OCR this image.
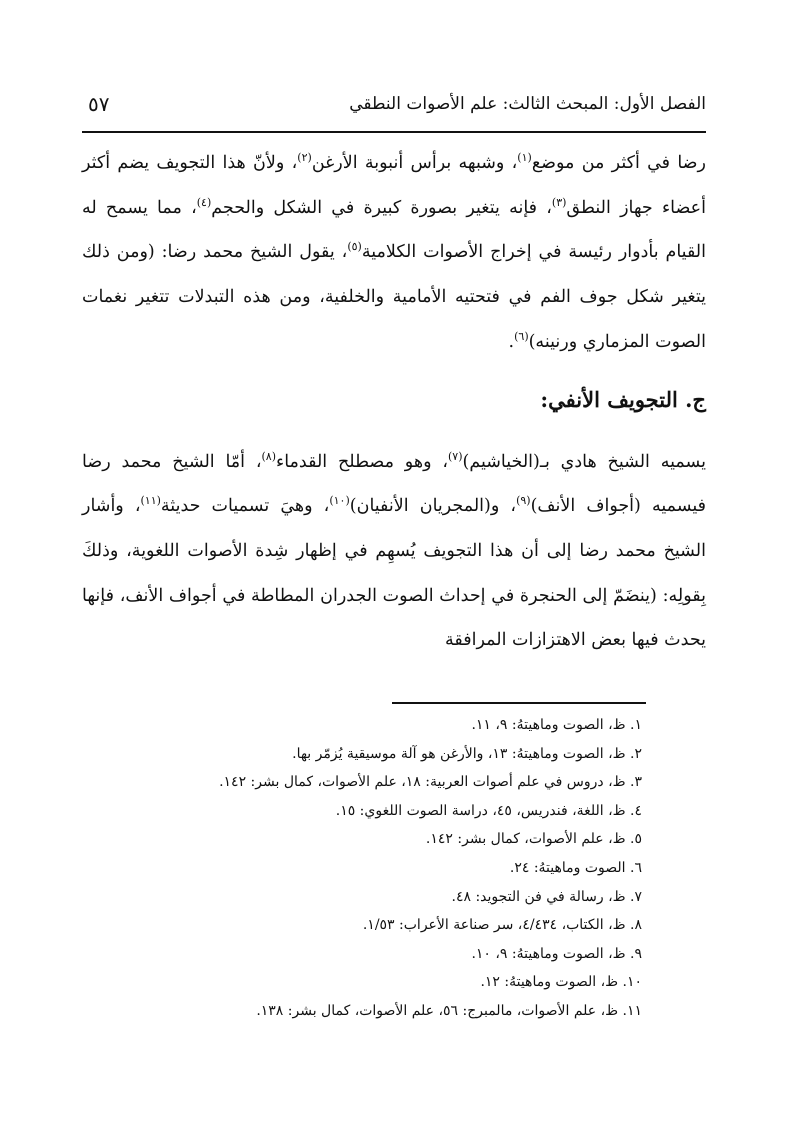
الفصل الأول: المبحث الثالث: علم الأصوات النطقي
٥٧

رضا في أكثر من موضع$^{(١)}$، وشبهه برأس أنبوبة الأرغن$^{(٢)}$، ولأنّ هذا التجويف يضم أكثر أعضاء جهاز النطق$^{(٣)}$، فإنه يتغير بصورة كبيرة في الشكل والحجم$^{(٤)}$، مما يسمح له القيام بأدوار رئيسة في إخراج الأصوات الكلامية$^{(٥)}$، يقول الشيخ محمد رضا: (ومن ذلك يتغير شكل جوف الفم في فتحتيه الأمامية والخلفية، ومن هذه التبدلات تتغير نغمات الصوت المزماري ورنينه)$^{(٦)}$.

ج. التجويف الأنفي:

يسميه الشيخ هادي بـ(الخياشيم)$^{(٧)}$، وهو مصطلح القدماء$^{(٨)}$، أمّا الشيخ محمد رضا فيسميه (أجواف الأنف)$^{(٩)}$، و(المجريان الأنفيان)$^{(١٠)}$، وهيَ تسميات حديثة$^{(١١)}$، وأشار الشيخ محمد رضا إلى أن هذا التجويف يُسهِم في إظهار شِدة الأصوات اللغوية، وذلكَ بِقولِه: (ينضَمّ إلى الحنجرة في إحداث الصوت الجدران المطاطة في أجواف الأنف، فإنها يحدث فيها بعض الاهتزازات المرافقة

١. ظ، الصوت وماهيتهُ: ٩، ١١.
٢. ظ، الصوت وماهيتهُ: ١٣، والأرغن هو آلة موسيقية يُزمّر بها.
٣. ظ، دروس في علم أصوات العربية: ١٨، علم الأصوات، كمال بشر: ١٤٢.
٤. ظ، اللغة، فندريس، ٤٥، دراسة الصوت اللغوي: ١٥.
٥. ظ، علم الأصوات، كمال بشر: ١٤٢.
٦. الصوت وماهيتهُ: ٢٤.
٧. ظ، رسالة في فن التجويد: ٤٨.
٨. ظ، الكتاب، ٤/٤٣٤، سر صناعة الأعراب: ١/٥٣.
٩. ظ، الصوت وماهيتهُ: ٩، ١٠.
١٠. ظ، الصوت وماهيتهُ: ١٢.
١١. ظ، علم الأصوات، مالمبرج: ٥٦، علم الأصوات، كمال بشر: ١٣٨.
